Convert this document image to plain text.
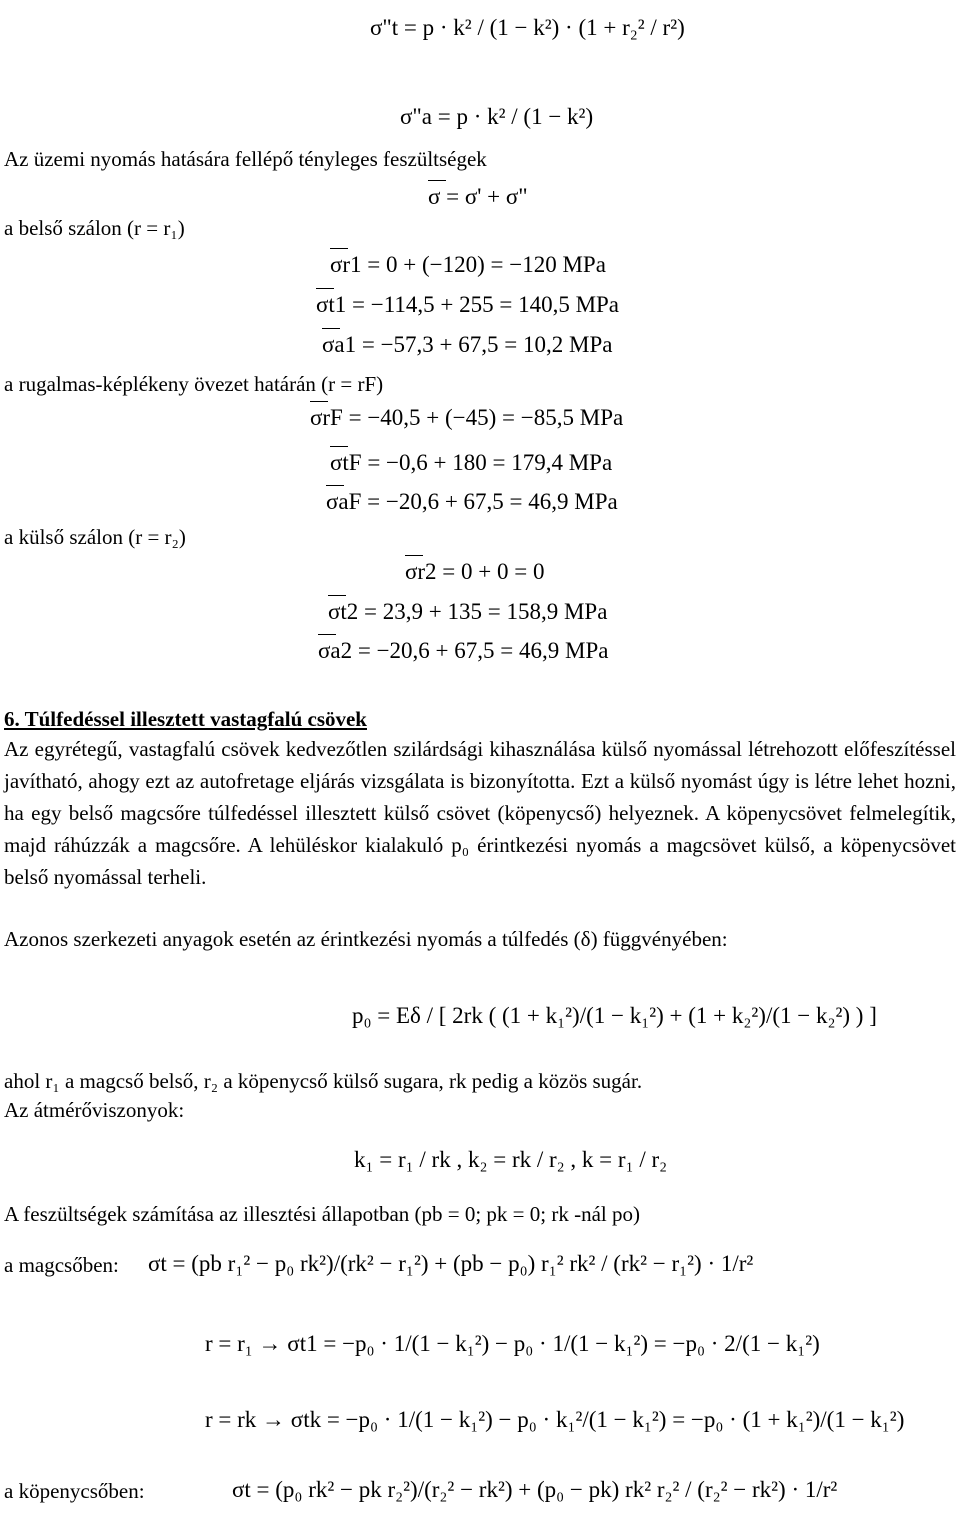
σ"t = p · k² / (1 − k²) · (1 + r₂² / r²)
σ"a = p · k² / (1 − k²)
Az üzemi nyomás hatására fellépő tényleges feszültségek
σ = σ' + σ"
a belső szálon (r = r₁)
σr1 = 0 + (−120) = −120 MPa
σt1 = −114,5 + 255 = 140,5 MPa
σa1 = −57,3 + 67,5 = 10,2 MPa
a rugalmas-képlékeny övezet határán (r = rF)
σrF = −40,5 + (−45) = −85,5 MPa
σtF = −0,6 + 180 = 179,4 MPa
σaF = −20,6 + 67,5 = 46,9 MPa
a külső szálon (r = r₂)
σr2 = 0 + 0 = 0
σt2 = 23,9 + 135 = 158,9 MPa
σa2 = −20,6 + 67,5 = 46,9 MPa
6. Túlfedéssel illesztett vastagfalú csövek
Az egyrétegű, vastagfalú csövek kedvezőtlen szilárdsági kihasználása külső nyomással létrehozott előfeszítéssel javítható, ahogy ezt az autofretage eljárás vizsgálata is bizonyította. Ezt a külső nyomást úgy is létre lehet hozni, ha egy belső magcsőre túlfedéssel illesztett külső csövet (köpenycső) helyeznek. A köpenycsövet felmelegítik, majd ráhúzzák a magcsőre. A lehüléskor kialakuló p₀ érintkezési nyomás a magcsövet külső, a köpenycsövet belső nyomással terheli.
Azonos szerkezeti anyagok esetén az érintkezési nyomás a túlfedés (δ) függvényében:
p₀ = Eδ / [ 2rk ( (1 + k₁²)/(1 − k₁²) + (1 + k₂²)/(1 − k₂²) ) ]
ahol r₁ a magcső belső, r₂ a köpenycső külső sugara, rk pedig a közös sugár.
Az átmérőviszonyok:
k₁ = r₁ / rk , k₂ = rk / r₂ , k = r₁ / r₂
A feszültségek számítása az illesztési állapotban (pb = 0; pk = 0; rk -nál po)
a magcsőben: σt = (pb r₁² − p₀ rk²)/(rk² − r₁²) + (pb − p₀) r₁² rk² / (rk² − r₁²) · 1/r²
r = r₁ → σt1 = −p₀ · 1/(1 − k₁²) − p₀ · 1/(1 − k₁²) = −p₀ · 2/(1 − k₁²)
r = rk → σtk = −p₀ · 1/(1 − k₁²) − p₀ · k₁²/(1 − k₁²) = −p₀ · (1 + k₁²)/(1 − k₁²)
a köpenycsőben:	σt = (p₀ rk² − pk r₂²)/(r₂² − rk²) + (p₀ − pk) rk² r₂² / (r₂² − rk²) · 1/r²
